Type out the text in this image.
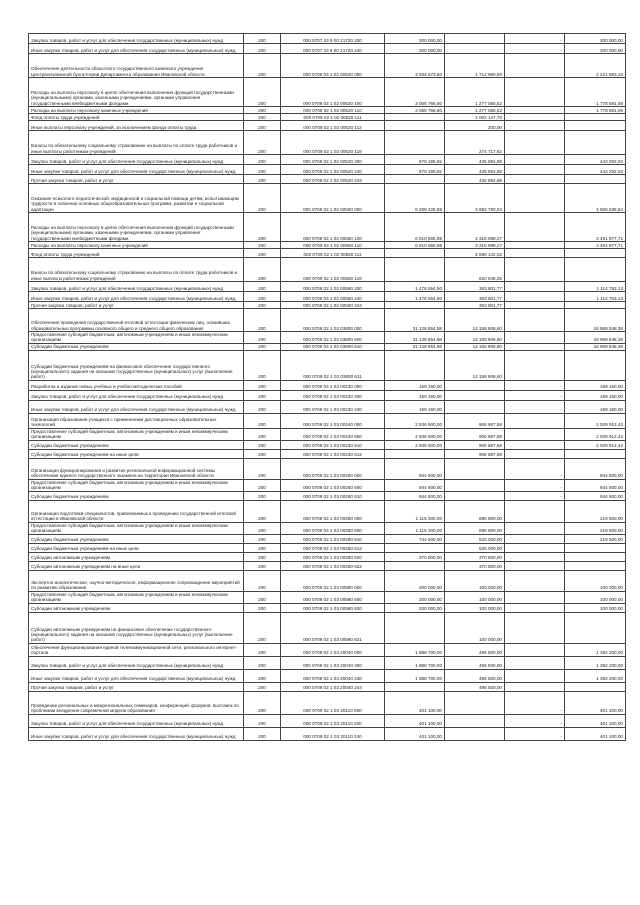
Закупка товаров, работ и услуг для обеспечения государственных (муниципальных) нужд	200	000 0707 43 9 00 21720 200	300 000,00		-	300 000,00
Иные закупки товаров, работ и услуг для обеспечения государственных (муниципальных) нужд	200	000 0707 43 9 00 21720 240	300 000,00		-	300 000,00
Обеспечение деятельности областного государственного казенного учреждения Централизованной бухгалтерии Департамента образования Ивановской области	200	000 0709 02 1 02 00520 000	3 934 573,60	1 712 990,50		2 221 983,10
Расходы на выплаты персоналу в целях обеспечения выполнения функций государственными (муниципальными) органами, казенными учреждениями, органами управления государственными внебюджетными фондами	200	000 0709 02 1 02 00520 100	3 055 766,60	1 277 065,52		1 778 691,06
Расходы на выплаты персоналу казенных учреждений	200	000 0709 02 1 02 00520 110	3 055 766,60	1 277 065,52		1 778 691,06
Фонд оплаты труда учреждений	200	000 0709 02 1 02 00520 111		1 002 147,70		
Иные выплаты персоналу учреждений, за исключением фонда оплаты труда	200	000 0709 02 1 02 00520 112		200,00		
Взносы по обязательному социальному страхованию на выплаты по оплате труда работников и иные выплаты работникам учреждений	200	000 0709 02 1 02 00520 119		274 717,82		
Закупка товаров, работ и услуг для обеспечения государственных (муниципальных) нужд	200	000 0709 02 1 02 00520 200	879 196,92	435 894,88		443 292,04
Иные закупки товаров, работ и услуг для обеспечения государственных (муниципальных) нужд	200	000 0709 02 1 02 00520 240	879 196,92	435 894,88		443 292,04
Прочая закупка товаров, работ и услуг	200	000 0709 02 1 02 00520 244		435 894,88		
Оказание психолого-педагогической, медицинской и социальной помощи детям, испытывающим трудности в освоении основных общеобразовательных программ, развитии и социальной адаптации	200	000 0709 02 1 02 00550 000	8 289 428,88	3 682 790,04		4 606 638,84
Расходы на выплаты персоналу в целях обеспечения выполнения функций государственными (муниципальными) органами, казенными учреждениями, органами управления государственными внебюджетными фондами	200	000 0709 02 1 02 00550 100	6 810 865,98	3 318 988,27		3 491 877,71
Расходы на выплаты персоналу казенных учреждений	200	000 0709 02 1 02 00550 110	6 810 865,98	3 318 988,27		3 491 877,71
Фонд оплаты труда учреждений	200	000 0709 02 1 02 00550 111		2 698 142,02		
Взносы по обязательному социальному страхованию на выплаты по оплате труда работников и иные выплаты работникам учреждений	200	000 0709 02 1 02 00550 119		620 846,25		
Закупка товаров, работ и услуг для обеспечения государственных (муниципальных) нужд	200	000 0709 02 1 02 00550 200	1 478 554,90	363 801,77		1 114 753,13
Иные закупки товаров, работ и услуг для обеспечения государственных (муниципальных) нужд	200	000 0709 02 1 02 00550 240	1 478 554,90	363 801,77		1 114 753,13
Прочая закупка товаров, работ и услуг	200	000 0709 02 1 02 00550 244		363 801,77		
Обеспечение проведения государственной итоговой аттестации физических лиц, освоивших образовательные программы основного общего и среднего общего образования	200	000 0709 02 1 02 03800 000	31 128 854,98	12 158 906,60		18 969 948,38
Предоставление субсидий бюджетным, автономным учреждениям и иным некоммерческим организациям	200	000 0709 02 1 02 03800 600	31 128 854,98	12 158 906,60		18 969 948,38
Субсидии бюджетным учреждениям	200	000 0709 02 1 02 03800 610	31 128 854,98	12 158 906,60		18 969 948,38
Субсидии бюджетным учреждениям на финансовое обеспечение государственного (муниципального) задания на оказание государственных (муниципальных) услуг (выполнение работ)	200	000 0709 02 1 02 03800 611		12 158 906,60		
Разработка и издание новых учебных и учебно-методических пособий	200	000 0709 02 1 03 00230 000	169 150,00		-	169 150,00
Закупка товаров, работ и услуг для обеспечения государственных (муниципальных) нужд	200	000 0709 02 1 03 00230 200	169 150,00		-	169 150,00
Иные закупки товаров, работ и услуг для обеспечения государственных (муниципальных) нужд	200	000 0709 02 1 03 00230 240	169 150,00		-	169 150,00
Организация образования учащихся с применением дистанционных образовательных технологий	200	000 0709 02 1 03 00240 000	2 936 600,00	906 687,58		2 029 912,42
Предоставление субсидий бюджетным, автономным учреждениям и иным некоммерческим организациям	200	000 0709 02 1 03 00240 600	2 936 600,00	906 687,58		2 029 912,42
Субсидии бюджетным учреждениям	200	000 0709 02 1 03 00240 610	2 936 600,00	906 687,58		2 029 912,42
Субсидии бюджетным учреждениям на иные цели	200	000 0709 02 1 03 00240 612		906 687,58		
Организация функционирования и развития региональной информационной системы обеспечения единого государственного экзамена на территории Ивановской области	200	000 0709 02 1 03 00260 000	944 600,00		-	944 600,00
Предоставление субсидий бюджетным, автономным учреждениям и иным некоммерческим организациям	200	000 0709 02 1 03 00260 600	944 600,00		-	944 600,00
Субсидии бюджетным учреждениям	200	000 0709 02 1 03 00260 610	944 600,00		-	944 600,00
Организация подготовки специалистов, привлекаемых к проведению государственной итоговой аттестации в Ивановской области	200	000 0709 02 1 03 00280 000	1 115 300,00	895 800,00		219 500,00
Предоставление субсидий бюджетным, автономным учреждениям и иным некоммерческим организациям	200	000 0709 02 1 03 00280 600	1 115 300,00	895 800,00		219 500,00
Субсидии бюджетным учреждениям	200	000 0709 02 1 03 00280 610	744 500,00	525 000,00		219 500,00
Субсидии бюджетным учреждениям на иные цели	200	000 0709 02 1 03 00280 612		525 000,00		
Субсидии автономным учреждениям	200	000 0709 02 1 03 00280 620	370 800,00	370 800,00		
Субсидии автономным учреждениям на иные цели	200	000 0709 02 1 03 00280 622		370 800,00		
Экспертно-аналитическое, научно-методическое, информационное сопровождение мероприятий по развитию образования	200	000 0709 02 1 03 00580 000	200 000,00	100 000,00		100 000,00
Предоставление субсидий бюджетным, автономным учреждениям и иным некоммерческим организациям	200	000 0709 02 1 03 00580 600	200 000,00	100 000,00		100 000,00
Субсидии автономным учреждениям	200	000 0709 02 1 03 00580 620	200 000,00	100 000,00		100 000,00
Субсидии автономным учреждениям на финансовое обеспечение государственного (муниципального) задания на оказание государственных (муниципальных) услуг (выполнение работ)	200	000 0709 02 1 03 00580 621		100 000,00		
Обеспечение функционирования единой телекоммуникационной сети, регионального интернет-портала	200	000 0709 02 1 03 20040 000	1 888 700,00	496 500,00		1 392 200,00
Закупка товаров, работ и услуг для обеспечения государственных (муниципальных) нужд	200	000 0709 02 1 03 20040 200	1 888 700,00	496 500,00		1 392 200,00
Иные закупки товаров, работ и услуг для обеспечения государственных (муниципальных) нужд	200	000 0709 02 1 03 20040 240	1 888 700,00	496 500,00		1 392 200,00
Прочая закупка товаров, работ и услуг	200	000 0709 02 1 03 20040 244		496 500,00		
Проведение региональных и межрегиональных семинаров, конференций, форумов, выставок по проблемам внедрения современной модели образования	200	000 0709 02 1 03 20110 000	401 100,00		-	401 100,00
Закупка товаров, работ и услуг для обеспечения государственных (муниципальных) нужд	200	000 0709 02 1 03 20110 200	401 100,00		-	401 100,00
Иные закупки товаров, работ и услуг для обеспечения государственных (муниципальных) нужд	200	000 0709 02 1 03 20110 240	401 100,00		-	401 100,00
